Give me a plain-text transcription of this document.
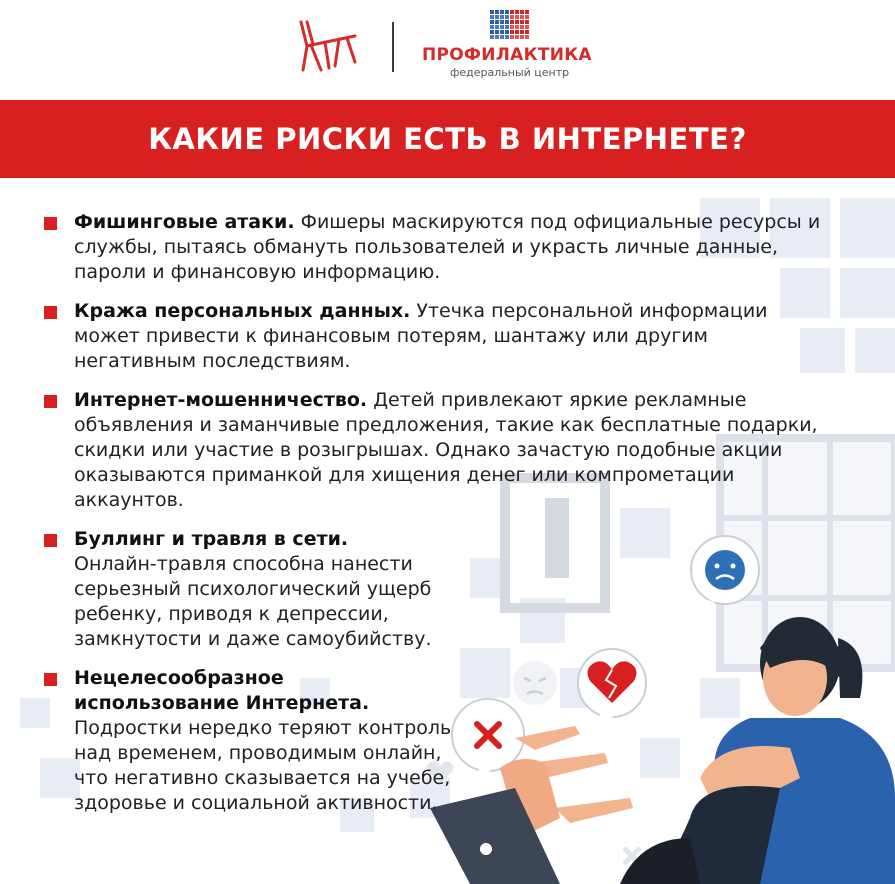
ПРОФИЛАКТИКА
федеральный центр
КАКИЕ РИСКИ ЕСТЬ В ИНТЕРНЕТЕ?

Фишинговые атаки. Фишеры маскируются под официальные ресурсы и службы, пытаясь обмануть пользователей и украсть личные данные, пароли и финансовую информацию.

Кража персональных данных. Утечка персональной информации может привести к финансовым потерям, шантажу или другим негативным последствиям.

Интернет-мошенничество. Детей привлекают яркие рекламные объявления и заманчивые предложения, такие как бесплатные подарки, скидки или участие в розыгрышах. Однако зачастую подобные акции оказываются приманкой для хищения денег или компрометации аккаунтов.

Буллинг и травля в сети.
Онлайн-травля способна нанести серьезный психологический ущерб ребенку, приводя к депрессии, замкнутости и даже самоубийству.

Нецелесообразное использование Интернета. Подростки нередко теряют контроль над временем, проводимым онлайн, что негативно сказывается на учебе, здоровье и социальной активности.
